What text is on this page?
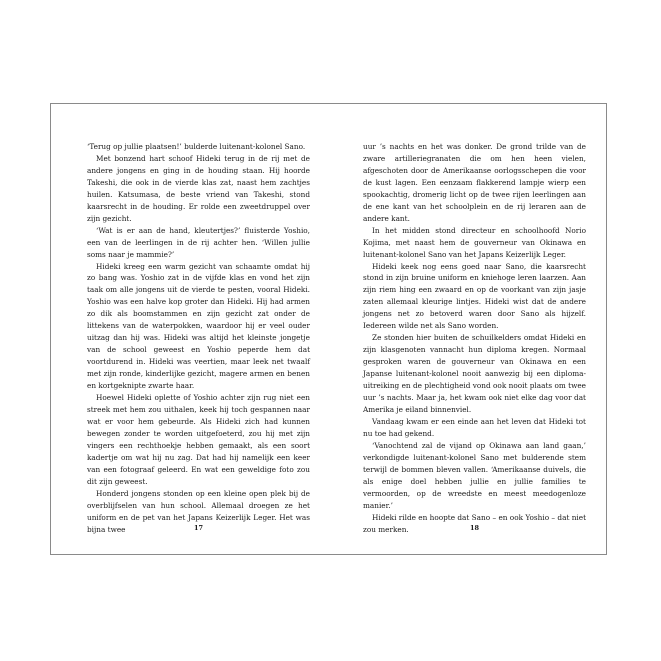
‘Terug op jullie plaatsen!’ bulderde luitenant-kolonel Sano.

Met bonzend hart schoof Hideki terug in de rij met de andere jongens en ging in de houding staan. Hij hoorde Takeshi, die ook in de vierde klas zat, naast hem zachtjes huilen. Katsumasa, de beste vriend van Takeshi, stond kaarsrecht in de houding. Er rolde een zweetdruppel over zijn gezicht.

‘Wat is er aan de hand, kleutertjes?’ fluisterde Yoshio, een van de leerlingen in de rij achter hen. ‘Willen jullie soms naar je mammie?’

Hideki kreeg een warm gezicht van schaamte omdat hij zo bang was. Yoshio zat in de vijfde klas en vond het zijn taak om alle jongens uit de vierde te pesten, vooral Hideki. Yoshio was een halve kop groter dan Hideki. Hij had armen zo dik als boomstammen en zijn gezicht zat onder de littekens van de waterpokken, waardoor hij er veel ouder uitzag dan hij was. Hideki was altijd het kleinste jongetje van de school geweest en Yoshio peperde hem dat voortdurend in. Hideki was veertien, maar leek net twaalf met zijn ronde, kinderlijke gezicht, magere armen en benen en kortgeknipte zwarte haar.

Hoewel Hideki oplette of Yoshio achter zijn rug niet een streek met hem zou uithalen, keek hij toch gespannen naar wat er voor hem gebeurde. Als Hideki zich had kunnen bewegen zonder te worden uitgefoeterd, zou hij met zijn vingers een rechthoekje hebben gemaakt, als een soort kadertje om wat hij nu zag. Dat had hij namelijk een keer van een fotograaf geleerd. En wat een geweldige foto zou dit zijn geweest.

Honderd jongens stonden op een kleine open plek bij de overblijfselen van hun school. Allemaal droegen ze het uniform en de pet van het Japans Keizerlijk Leger. Het was bijna twee	17

uur ’s nachts en het was donker. De grond trilde van de zware artilleriegranaten die om hen heen vielen, afgeschoten door de Amerikaanse oorlogsschepen die voor de kust lagen. Een eenzaam flakkerend lampje wierp een spookachtig, dromerig licht op de twee rijen leerlingen aan de ene kant van het schoolplein en de rij leraren aan de andere kant.

In het midden stond directeur en schoolhoofd Norio Kojima, met naast hem de gouverneur van Okinawa en luitenant-kolonel Sano van het Japans Keizerlijk Leger.

Hideki keek nog eens goed naar Sano, die kaarsrecht stond in zijn bruine uniform en kniehoge leren laarzen. Aan zijn riem hing een zwaard en op de voorkant van zijn jasje zaten allemaal kleurige lintjes. Hideki wist dat de andere jongens net zo betoverd waren door Sano als hijzelf. Iedereen wilde net als Sano worden.

Ze stonden hier buiten de schuilkelders omdat Hideki en zijn klasgenoten vannacht hun diploma kregen. Normaal gesproken waren de gouverneur van Okinawa en een Japanse luitenant-kolonel nooit aanwezig bij een diploma-uitreiking en de plechtigheid vond ook nooit plaats om twee uur ’s nachts. Maar ja, het kwam ook niet elke dag voor dat Amerika je eiland binnenviel.

Vandaag kwam er een einde aan het leven dat Hideki tot nu toe had gekend.

‘Vanochtend zal de vijand op Okinawa aan land gaan,’ verkondigde luitenant-kolonel Sano met bulderende stem terwijl de bommen bleven vallen. ‘Amerikaanse duivels, die als enige doel hebben jullie en jullie families te vermoorden, op de wreedste en meest meedogenloze manier.’

Hideki rilde en hoopte dat Sano – en ook Yoshio – dat niet zou merken.	18
